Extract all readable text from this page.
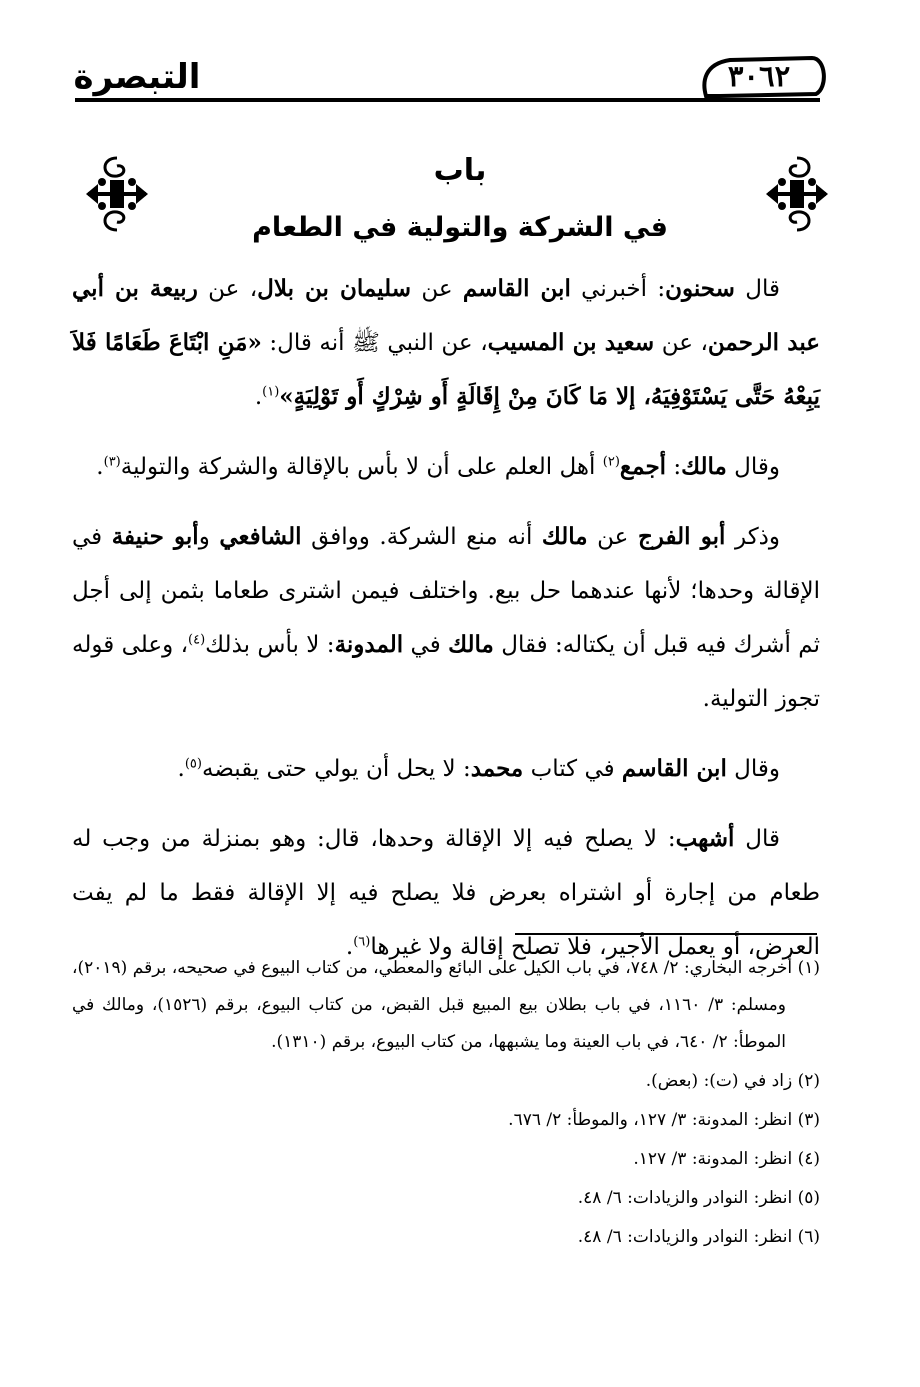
التبصرة	٣٠٦٢
باب
في الشركة والتولية في الطعام

قال سحنون: أخبرني ابن القاسم عن سليمان بن بلال، عن ربيعة بن أبي عبد الرحمن، عن سعيد بن المسيب، عن النبي ﷺ أنه قال: «مَنِ ابْتَاعَ طَعَامًا فَلاَ يَبِعْهُ حَتَّى يَسْتَوْفِيَهُ، إلا مَا كَانَ مِنْ إِقَالَةٍ أَو شِرْكٍ أَو تَوْلِيَةٍ»$^{(١)}$.

وقال مالك: أجمع$^{(٢)}$ أهل العلم على أن لا بأس بالإقالة والشركة والتولية$^{(٣)}$.

وذكر أبو الفرج عن مالك أنه منع الشركة. ووافق الشافعي وأبو حنيفة في الإقالة وحدها؛ لأنها عندهما حل بيع. واختلف فيمن اشترى طعاما بثمن إلى أجل ثم أشرك فيه قبل أن يكتاله: فقال مالك في المدونة: لا بأس بذلك$^{(٤)}$، وعلى قوله تجوز التولية.

وقال ابن القاسم في كتاب محمد: لا يحل أن يولي حتى يقبضه$^{(٥)}$.

قال أشهب: لا يصلح فيه إلا الإقالة وحدها، قال: وهو بمنزلة من وجب له طعام من إجارة أو اشتراه بعرض فلا يصلح فيه إلا الإقالة فقط ما لم يفت العرض، أو يعمل الأجير، فلا تصلح إقالة ولا غيرها$^{(٦)}$.

(١) أخرجه البخاري: ٢/ ٧٤٨، في باب الكيل على البائع والمعطي، من كتاب البيوع في صحيحه، برقم (٢٠١٩)، ومسلم: ٣/ ١١٦٠، في باب بطلان بيع المبيع قبل القبض، من كتاب البيوع، برقم (١٥٢٦)، ومالك في الموطأ: ٢/ ٦٤٠، في باب العينة وما يشبهها، من كتاب البيوع، برقم (١٣١٠).

(٢) زاد في (ت): (بعض).

(٣) انظر: المدونة: ٣/ ١٢٧، والموطأ: ٢/ ٦٧٦.

(٤) انظر: المدونة: ٣/ ١٢٧.

(٥) انظر: النوادر والزيادات: ٦/ ٤٨.

(٦) انظر: النوادر والزيادات: ٦/ ٤٨.
